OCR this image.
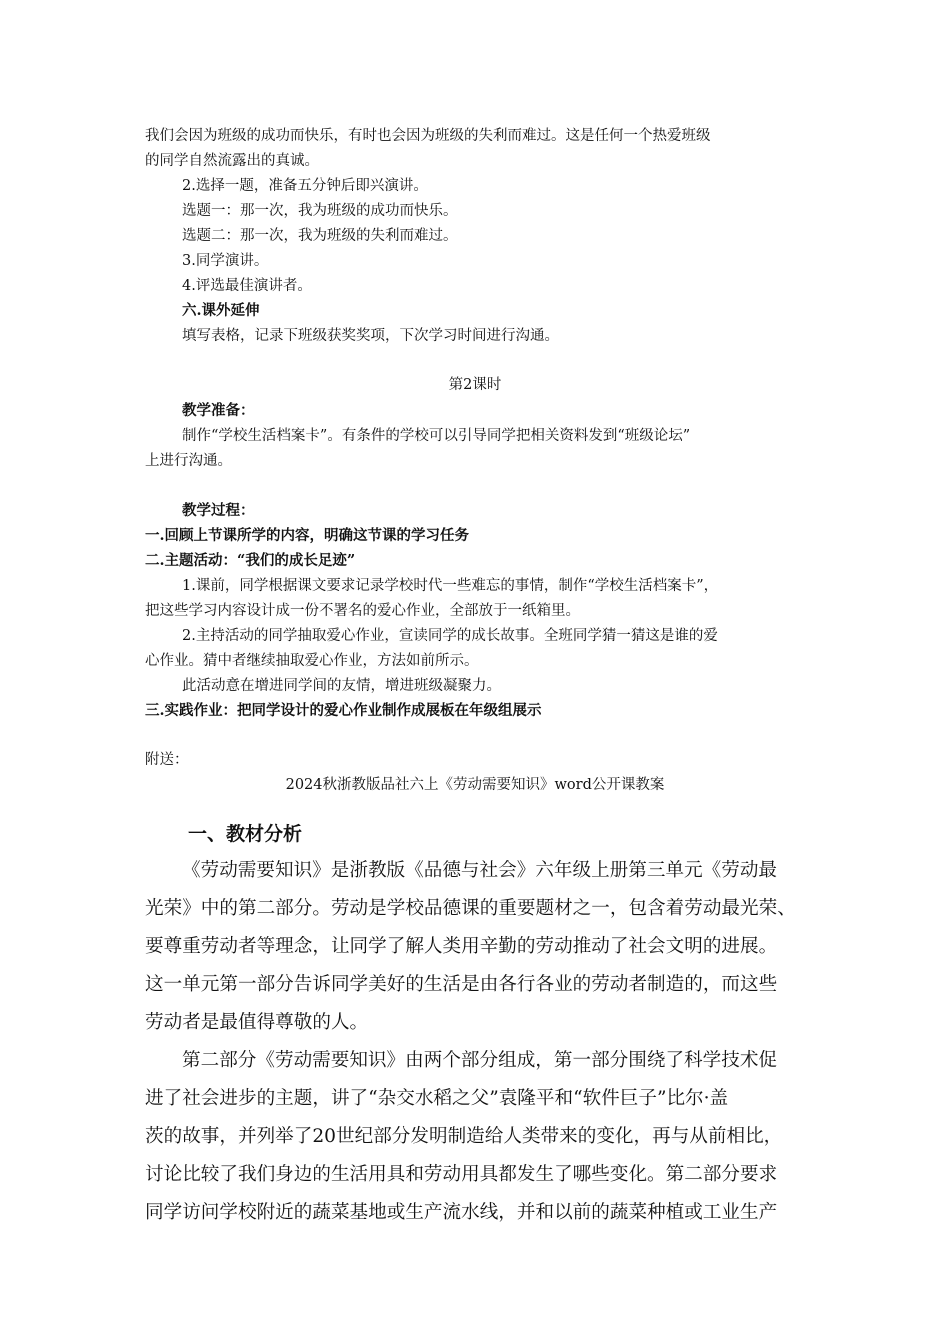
我们会因为班级的成功而快乐，有时也会因为班级的失利而难过。这是任何一个热爱班级
的同学自然流露出的真诚。
2.选择一题，准备五分钟后即兴演讲。
选题一：那一次，我为班级的成功而快乐。
选题二：那一次，我为班级的失利而难过。
3.同学演讲。
4.评选最佳演讲者。
六.课外延伸
填写表格，记录下班级获奖奖项，下次学习时间进行沟通。
第2课时
教学准备：
制作“学校生活档案卡”。有条件的学校可以引导同学把相关资料发到“班级论坛”
上进行沟通。
教学过程：
一.回顾上节课所学的内容，明确这节课的学习任务
二.主题活动：“我们的成长足迹”
1.课前，同学根据课文要求记录学校时代一些难忘的事情，制作“学校生活档案卡”，
把这些学习内容设计成一份不署名的爱心作业，全部放于一纸箱里。
2.主持活动的同学抽取爱心作业，宣读同学的成长故事。全班同学猜一猜这是谁的爱
心作业。猜中者继续抽取爱心作业，方法如前所示。
此活动意在增进同学间的友情，增进班级凝聚力。
三.实践作业：把同学设计的爱心作业制作成展板在年级组展示
附送：
2024秋浙教版品社六上《劳动需要知识》word公开课教案
一、教材分析
《劳动需要知识》是浙教版《品德与社会》六年级上册第三单元《劳动最
光荣》中的第二部分。劳动是学校品德课的重要题材之一，包含着劳动最光荣、
要尊重劳动者等理念，让同学了解人类用辛勤的劳动推动了社会文明的进展。
这一单元第一部分告诉同学美好的生活是由各行各业的劳动者制造的，而这些
劳动者是最值得尊敬的人。
第二部分《劳动需要知识》由两个部分组成，第一部分围绕了科学技术促
进了社会进步的主题，讲了“杂交水稻之父”袁隆平和“软件巨子”比尔·盖
茨的故事，并列举了20世纪部分发明制造给人类带来的变化，再与从前相比，
讨论比较了我们身边的生活用具和劳动用具都发生了哪些变化。第二部分要求
同学访问学校附近的蔬菜基地或生产流水线，并和以前的蔬菜种植或工业生产
